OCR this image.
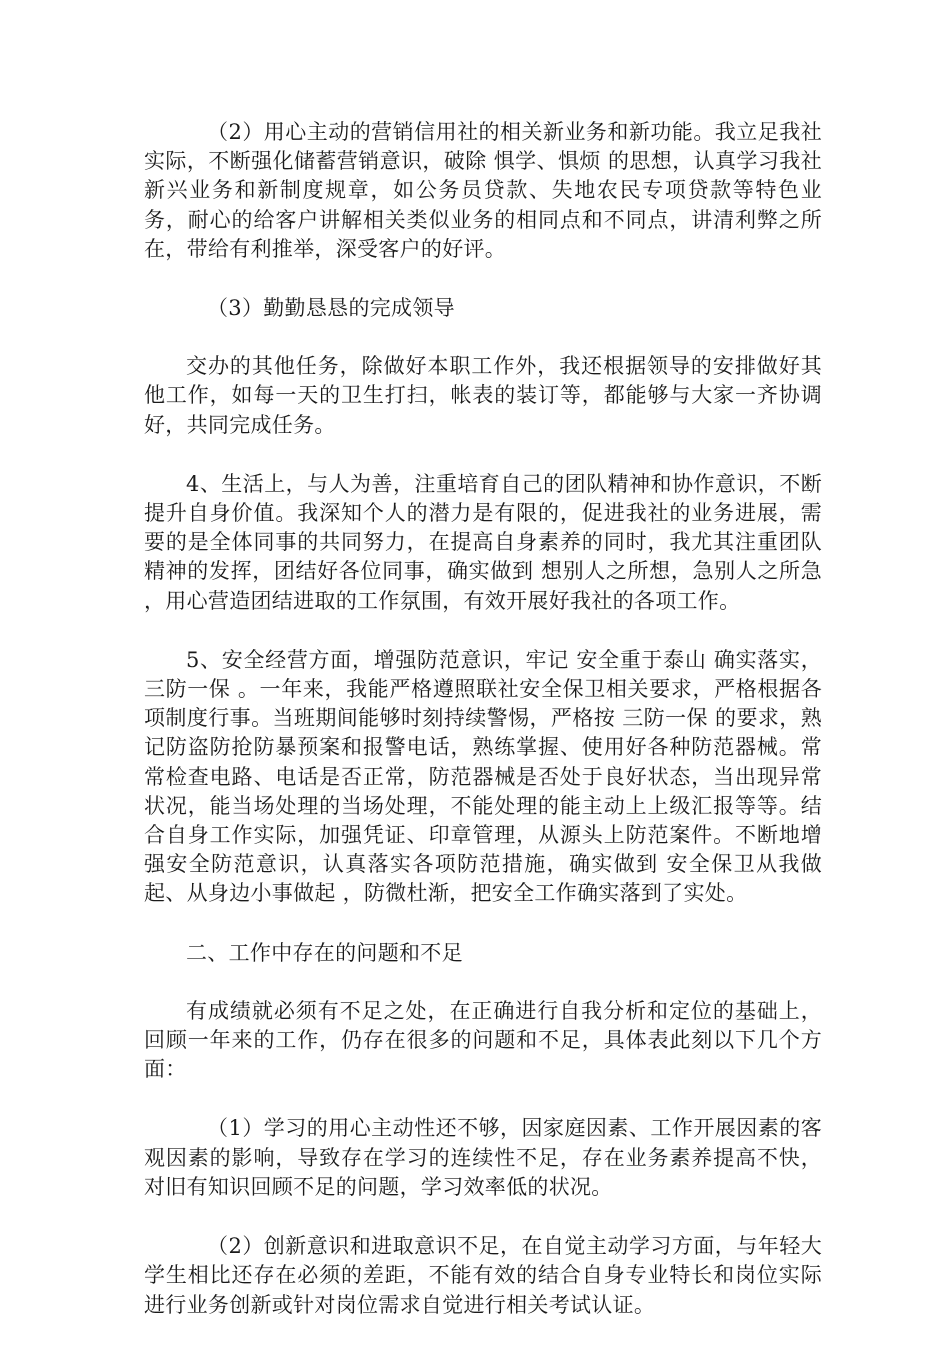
（2）用心主动的营销信用社的相关新业务和新功能。我立足我社实际，不断强化储蓄营销意识，破除 惧学、惧烦 的思想，认真学习我社新兴业务和新制度规章，如公务员贷款、失地农民专项贷款等特色业务，耐心的给客户讲解相关类似业务的相同点和不同点，讲清利弊之所在，带给有利推举，深受客户的好评。

（3）勤勤恳恳的完成领导

交办的其他任务，除做好本职工作外，我还根据领导的安排做好其他工作，如每一天的卫生打扫，帐表的装订等，都能够与大家一齐协调好，共同完成任务。

4、生活上，与人为善，注重培育自己的团队精神和协作意识，不断提升自身价值。我深知个人的潜力是有限的，促进我社的业务进展，需要的是全体同事的共同努力，在提高自身素养的同时，我尤其注重团队精神的发挥，团结好各位同事，确实做到 想别人之所想，急别人之所急 ，用心营造团结进取的工作氛围，有效开展好我社的各项工作。

5、安全经营方面，增强防范意识，牢记 安全重于泰山 确实落实， 三防一保 。一年来，我能严格遵照联社安全保卫相关要求，严格根据各项制度行事。当班期间能够时刻持续警惕，严格按 三防一保 的要求，熟记防盗防抢防暴预案和报警电话，熟练掌握、使用好各种防范器械。常常检查电路、电话是否正常，防范器械是否处于良好状态，当出现异常状况，能当场处理的当场处理，不能处理的能主动上上级汇报等等。结合自身工作实际，加强凭证、印章管理，从源头上防范案件。不断地增强安全防范意识，认真落实各项防范措施，确实做到 安全保卫从我做起、从身边小事做起 ，防微杜渐，把安全工作确实落到了实处。

二、工作中存在的问题和不足

有成绩就必须有不足之处，在正确进行自我分析和定位的基础上，回顾一年来的工作，仍存在很多的问题和不足，具体表此刻以下几个方面：

（1）学习的用心主动性还不够，因家庭因素、工作开展因素的客观因素的影响，导致存在学习的连续性不足，存在业务素养提高不快，对旧有知识回顾不足的问题，学习效率低的状况。

（2）创新意识和进取意识不足，在自觉主动学习方面，与年轻大学生相比还存在必须的差距，不能有效的结合自身专业特长和岗位实际进行业务创新或针对岗位需求自觉进行相关考试认证。
